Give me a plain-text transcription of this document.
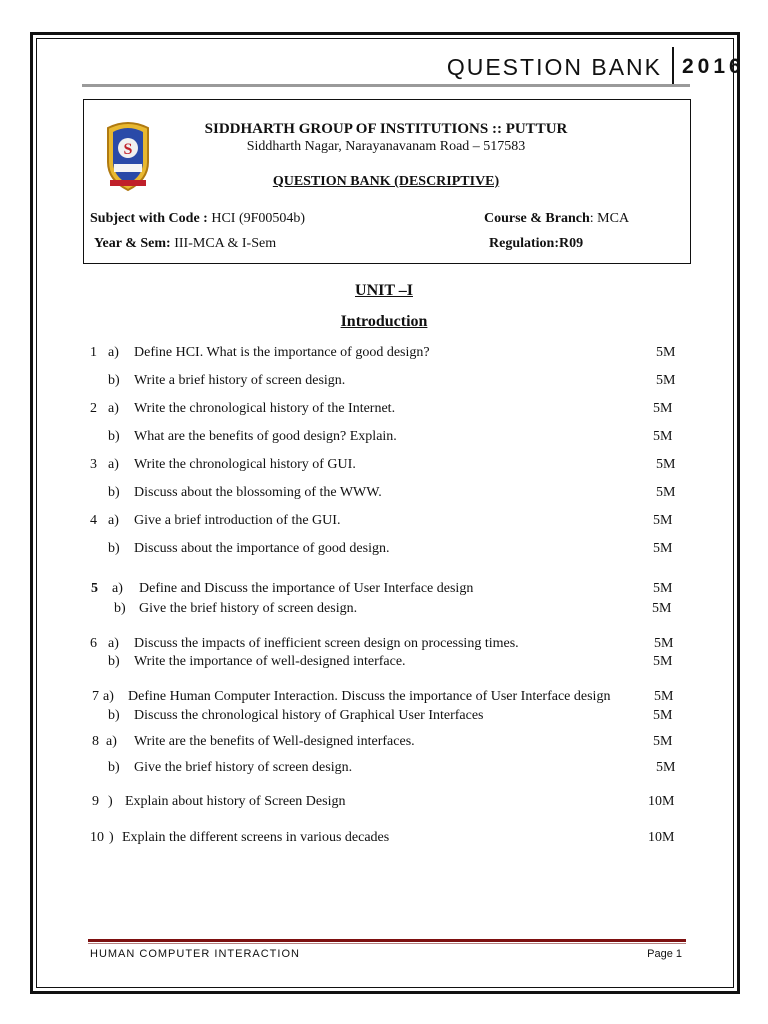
QUESTION BANK 2016
S
SIDDHARTH GROUP OF INSTITUTIONS :: PUTTUR
Siddharth Nagar, Narayanavanam Road – 517583
QUESTION BANK (DESCRIPTIVE)
Subject with Code : HCI (9F00504b)	Course & Branch: MCA
Year & Sem: III-MCA & I-Sem	Regulation:R09
UNIT –I
Introduction
1 a) Define HCI. What is the importance of good design?	5M
b) Write a brief history of screen design.	5M
2 a) Write the chronological history of the Internet.	5M
b) What are the benefits of good design? Explain.	5M
3 a) Write the chronological history of GUI.	5M
b) Discuss about the blossoming of the WWW.	5M
4 a) Give a brief introduction of the GUI.	5M
b) Discuss about the importance of good design.	5M
5 a) Define and Discuss the importance of User Interface design	5M
b) Give the brief history of screen design.	5M
6 a) Discuss the impacts of inefficient screen design on processing times.	5M
b) Write the importance of well-designed interface.	5M
7 a) Define Human Computer Interaction. Discuss the importance of User Interface design	5M
b) Discuss the chronological history of Graphical User Interfaces	5M
8 a) Write are the benefits of Well-designed interfaces.	5M
b) Give the brief history of screen design.	5M
9 ) Explain about history of Screen Design	10M
10 ) Explain the different screens in various decades	10M
HUMAN COMPUTER INTERACTION	Page 1
